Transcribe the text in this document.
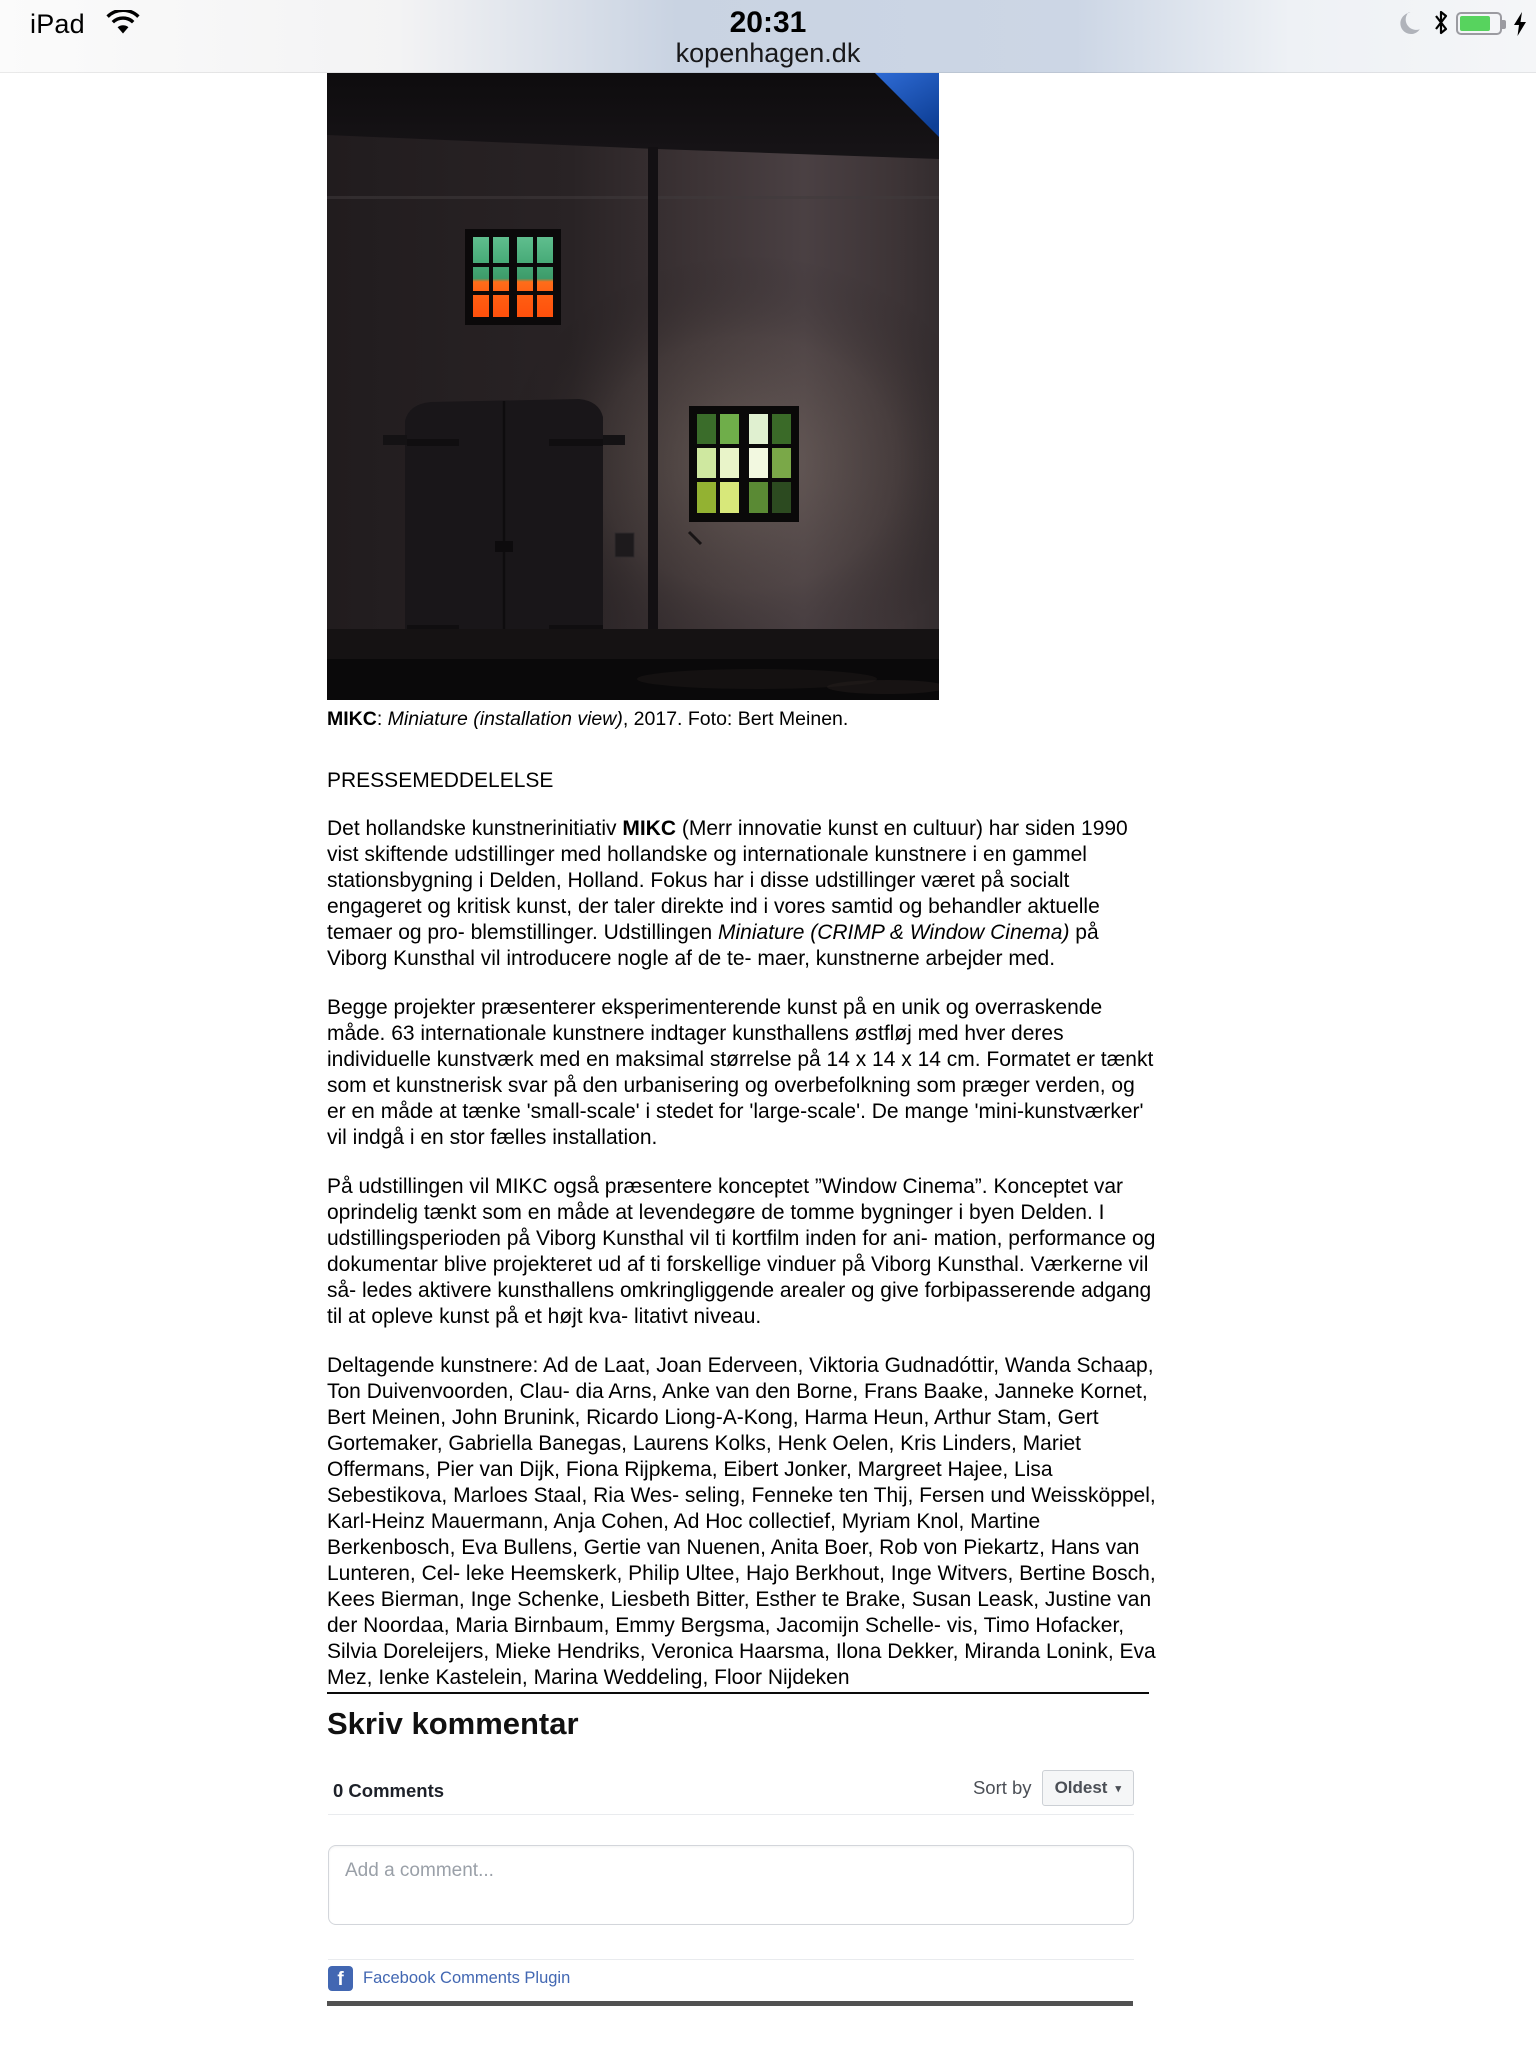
iPad	20:31
kopenhagen.dk
MIKC: Miniature (installation view), 2017. Foto: Bert Meinen.
PRESSEMEDDELELSE

Det hollandske kunstnerinitiativ MIKC (Merr innovatie kunst en cultuur) har siden 1990 vist skiftende udstillinger med hollandske og internationale kunstnere i en gammel stationsbygning i Delden, Holland. Fokus har i disse udstillinger været på socialt engageret og kritisk kunst, der taler direkte ind i vores samtid og behandler aktuelle temaer og pro- blemstillinger. Udstillingen Miniature (CRIMP & Window Cinema) på Viborg Kunsthal vil introducere nogle af de te- maer, kunstnerne arbejder med.

Begge projekter præsenterer eksperimenterende kunst på en unik og overraskende måde. 63 internationale kunstnere indtager kunsthallens østfløj med hver deres individuelle kunstværk med en maksimal størrelse på 14 x 14 x 14 cm. Formatet er tænkt som et kunstnerisk svar på den urbanisering og overbefolkning som præger verden, og er en måde at tænke 'small-scale' i stedet for 'large-scale'. De mange 'mini-kunstværker' vil indgå i en stor fælles installation.

På udstillingen vil MIKC også præsentere konceptet ”Window Cinema”. Konceptet var oprindelig tænkt som en måde at levendegøre de tomme bygninger i byen Delden. I udstillingsperioden på Viborg Kunsthal vil ti kortfilm inden for ani- mation, performance og dokumentar blive projekteret ud af ti forskellige vinduer på Viborg Kunsthal. Værkerne vil så- ledes aktivere kunsthallens omkringliggende arealer og give forbipasserende adgang til at opleve kunst på et højt kva- litativt niveau.

Deltagende kunstnere: Ad de Laat, Joan Ederveen, Viktoria Gudnadóttir, Wanda Schaap, Ton Duivenvoorden, Clau- dia Arns, Anke van den Borne, Frans Baake, Janneke Kornet, Bert Meinen, John Brunink, Ricardo Liong-A-Kong, Harma Heun, Arthur Stam, Gert Gortemaker, Gabriella Banegas, Laurens Kolks, Henk Oelen, Kris Linders, Mariet Offermans, Pier van Dijk, Fiona Rijpkema, Eibert Jonker, Margreet Hajee, Lisa Sebestikova, Marloes Staal, Ria Wes- seling, Fenneke ten Thij, Fersen und Weissköppel, Karl-Heinz Mauermann, Anja Cohen, Ad Hoc collectief, Myriam Knol, Martine Berkenbosch, Eva Bullens, Gertie van Nuenen, Anita Boer, Rob von Piekartz, Hans van Lunteren, Cel- leke Heemskerk, Philip Ultee, Hajo Berkhout, Inge Witvers, Bertine Bosch, Kees Bierman, Inge Schenke, Liesbeth Bitter, Esther te Brake, Susan Leask, Justine van der Noordaa, Maria Birnbaum, Emmy Bergsma, Jacomijn Schelle- vis, Timo Hofacker, Silvia Doreleijers, Mieke Hendriks, Veronica Haarsma, Ilona Dekker, Miranda Lonink, Eva Mez, Ienke Kastelein, Marina Weddeling, Floor Nijdeken

Skriv kommentar
0 Comments	Sort by Oldest ▾
Add a comment...
f	Facebook Comments Plugin
